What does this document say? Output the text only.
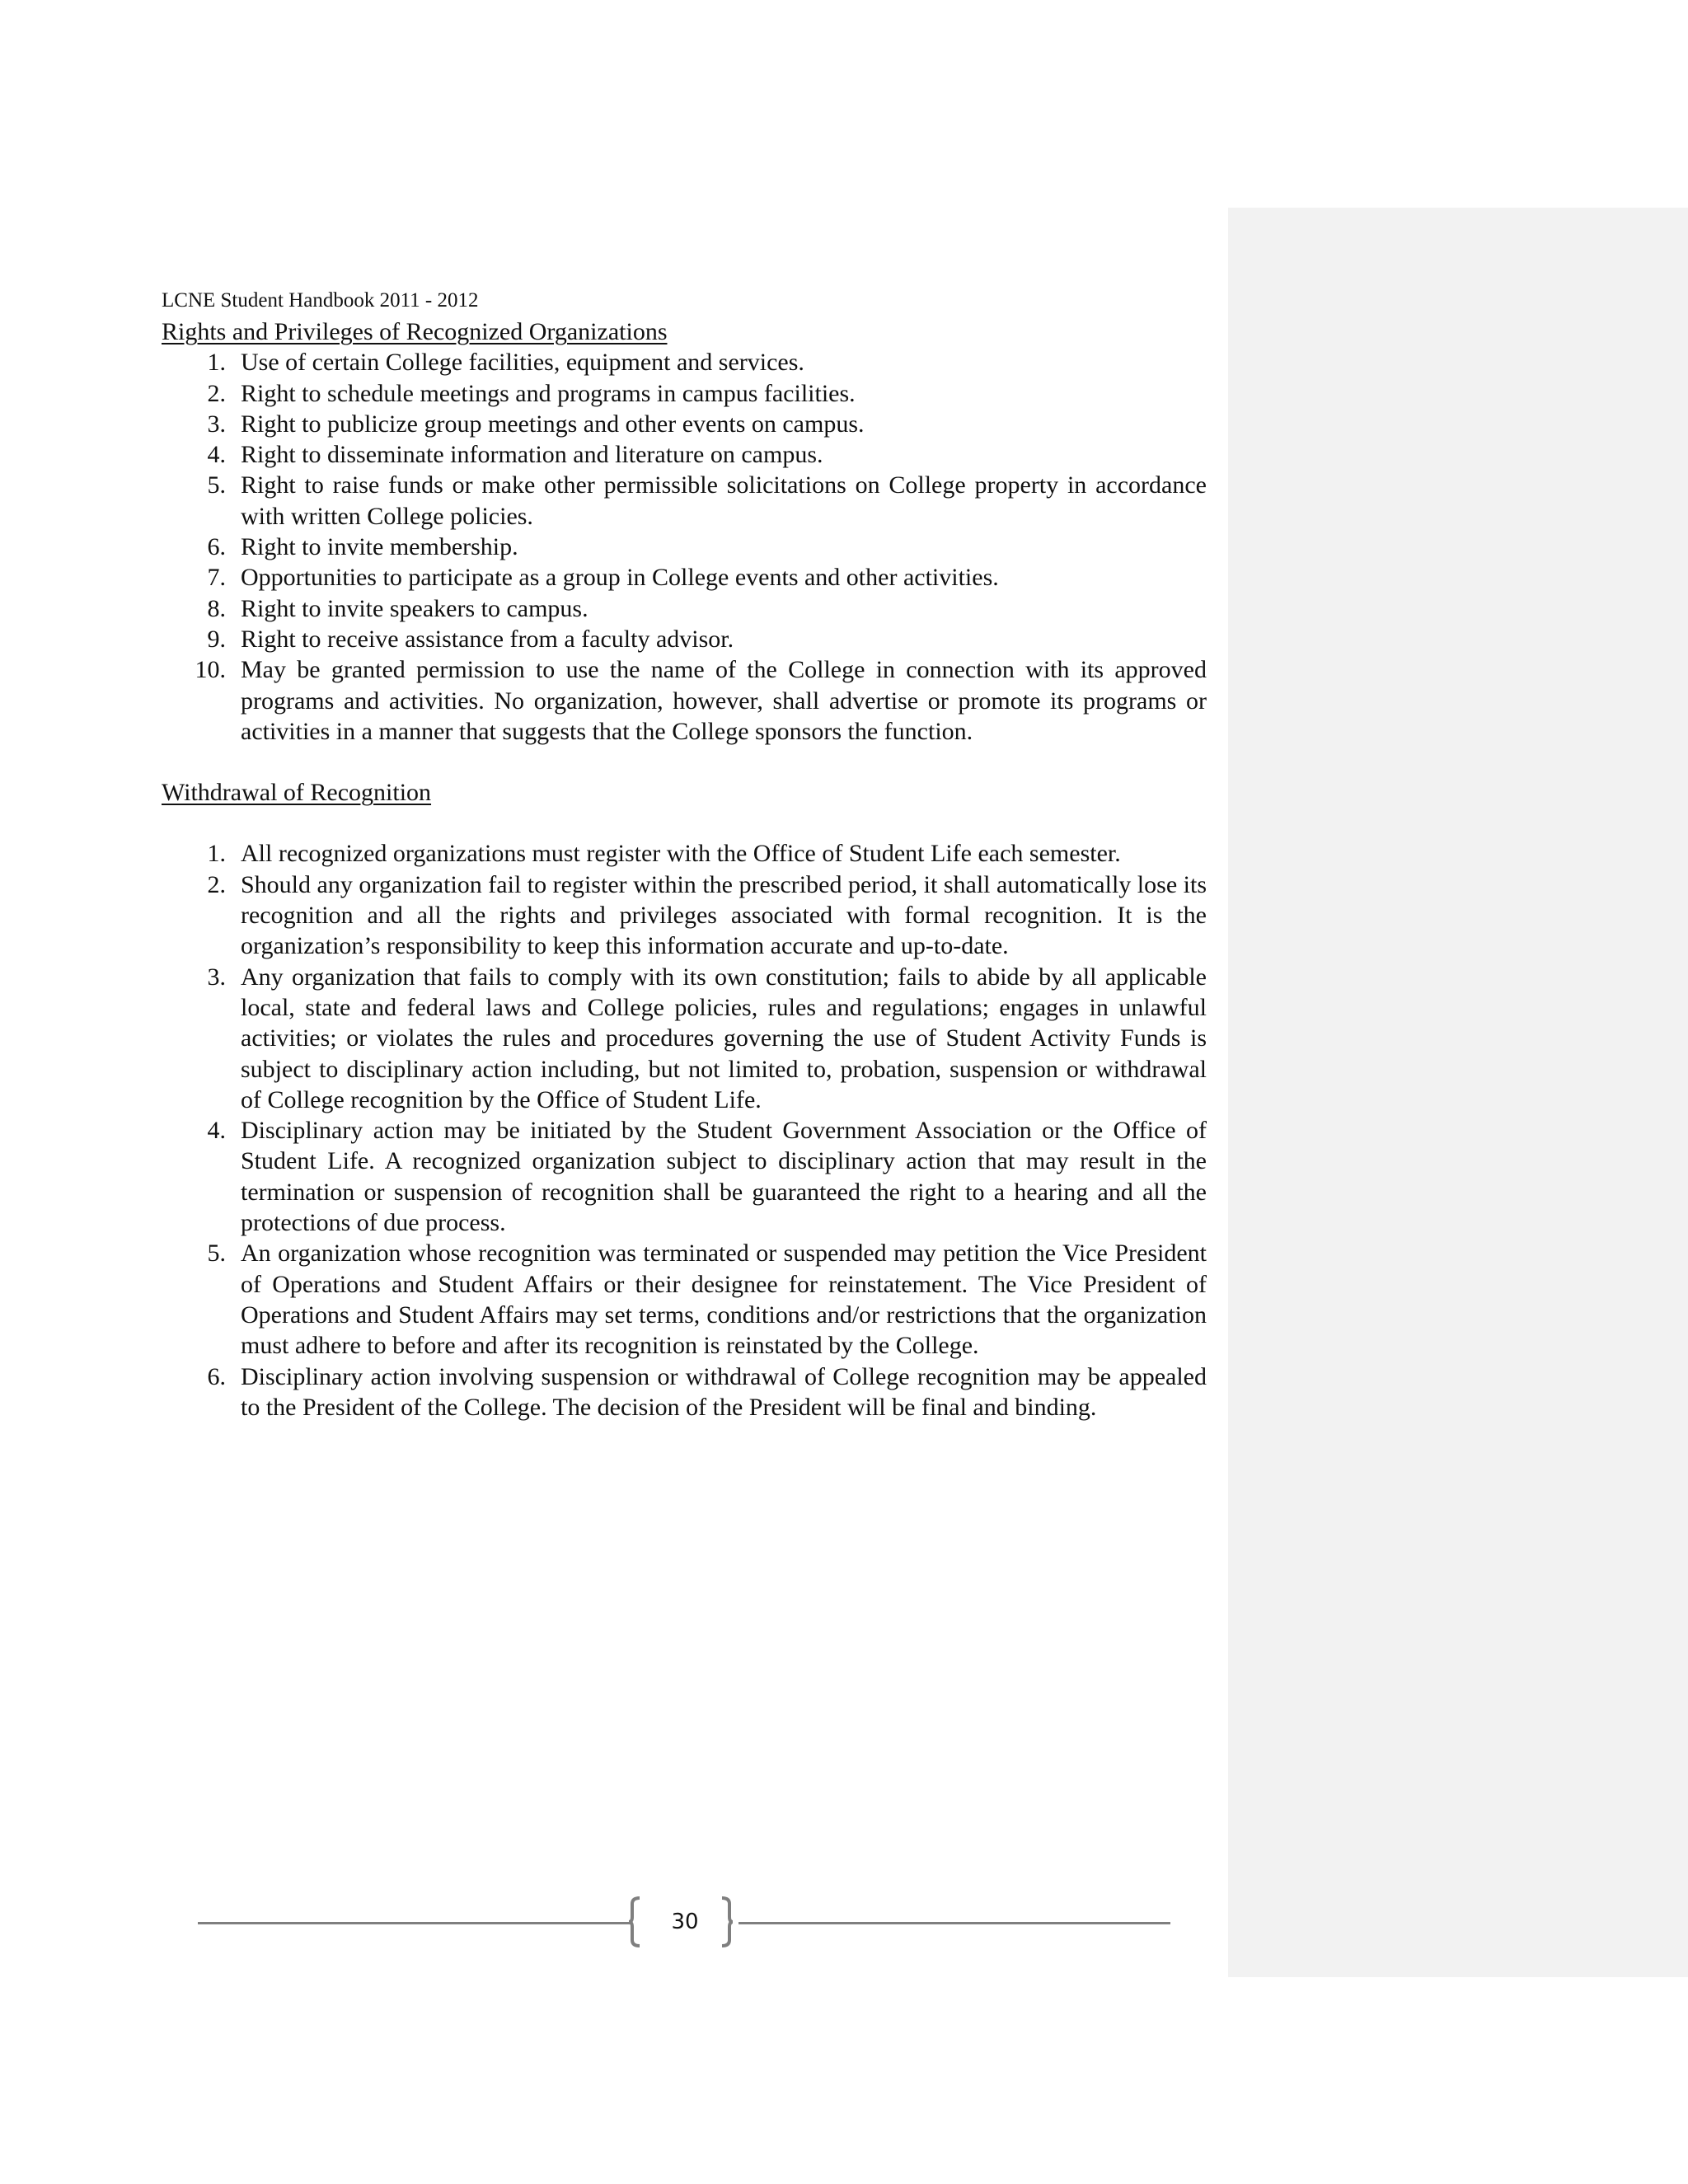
LCNE Student Handbook 2011 - 2012

Rights and Privileges of Recognized Organizations

1. Use of certain College facilities, equipment and services.
2. Right to schedule meetings and programs in campus facilities.
3. Right to publicize group meetings and other events on campus.
4. Right to disseminate information and literature on campus.
5. Right to raise funds or make other permissible solicitations on College property in accordance with written College policies.
6. Right to invite membership.
7. Opportunities to participate as a group in College events and other activities.
8. Right to invite speakers to campus.
9. Right to receive assistance from a faculty advisor.
10. May be granted permission to use the name of the College in connection with its approved programs and activities. No organization, however, shall advertise or promote its programs or activities in a manner that suggests that the College sponsors the function.

Withdrawal of Recognition

1. All recognized organizations must register with the Office of Student Life each semester.
2. Should any organization fail to register within the prescribed period, it shall automatically lose its recognition and all the rights and privileges associated with formal recognition. It is the organization’s responsibility to keep this information accurate and up-to-date.
3. Any organization that fails to comply with its own constitution; fails to abide by all applicable local, state and federal laws and College policies, rules and regulations; engages in unlawful activities; or violates the rules and procedures governing the use of Student Activity Funds is subject to disciplinary action including, but not limited to, probation, suspension or withdrawal of College recognition by the Office of Student Life.
4. Disciplinary action may be initiated by the Student Government Association or the Office of Student Life. A recognized organization subject to disciplinary action that may result in the termination or suspension of recognition shall be guaranteed the right to a hearing and all the protections of due process.
5. An organization whose recognition was terminated or suspended may petition the Vice President of Operations and Student Affairs or their designee for reinstatement. The Vice President of Operations and Student Affairs may set terms, conditions and/or restrictions that the organization must adhere to before and after its recognition is reinstated by the College.
6. Disciplinary action involving suspension or withdrawal of College recognition may be appealed to the President of the College. The decision of the President will be final and binding.
30
